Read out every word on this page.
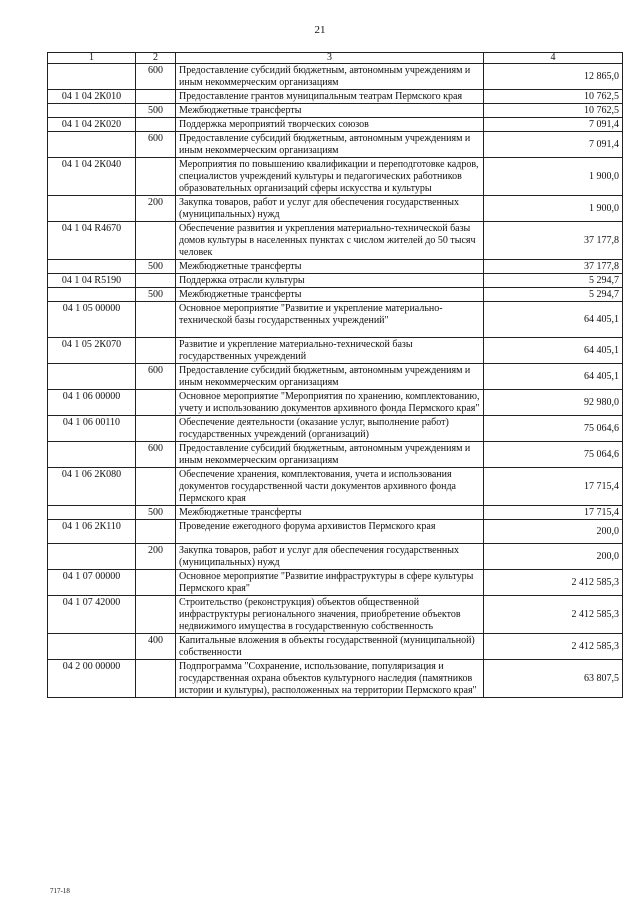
21
1	2	3	4
	600	Предоставление субсидий бюджетным, автономным учреждениям и иным некоммерческим организациям	12 865,0
04 1 04 2К010		Предоставление грантов муниципальным театрам Пермского края	10 762,5
	500	Межбюджетные трансферты	10 762,5
04 1 04 2К020		Поддержка мероприятий творческих союзов	7 091,4
	600	Предоставление субсидий бюджетным, автономным учреждениям и иным некоммерческим организациям	7 091,4
04 1 04 2К040		Мероприятия по повышению квалификации и переподготовке кадров, специалистов учреждений культуры и педагогических работников образовательных организаций сферы искусства и культуры	1 900,0
	200	Закупка товаров, работ и услуг для обеспечения государственных (муниципальных) нужд	1 900,0
04 1 04 R4670		Обеспечение развития и укрепления материально-технической базы домов культуры в населенных пунктах с числом жителей до 50 тысяч человек	37 177,8
	500	Межбюджетные трансферты	37 177,8
04 1 04 R5190		Поддержка отрасли культуры	5 294,7
	500	Межбюджетные трансферты	5 294,7
04 1 05 00000		Основное мероприятие "Развитие и укрепление материально-технической базы государственных учреждений"	64 405,1
04 1 05 2К070		Развитие и укрепление материально-технической базы государственных учреждений	64 405,1
	600	Предоставление субсидий бюджетным, автономным учреждениям и иным некоммерческим организациям	64 405,1
04 1 06 00000		Основное мероприятие "Мероприятия по хранению, комплектованию, учету и использованию документов архивного фонда Пермского края"	92 980,0
04 1 06 00110		Обеспечение деятельности (оказание услуг, выполнение работ) государственных учреждений (организаций)	75 064,6
	600	Предоставление субсидий бюджетным, автономным учреждениям и иным некоммерческим организациям	75 064,6
04 1 06 2К080		Обеспечение хранения, комплектования, учета и использования документов государственной части документов архивного фонда Пермского края	17 715,4
	500	Межбюджетные трансферты	17 715,4
04 1 06 2К110		Проведение ежегодного форума архивистов Пермского края	200,0
	200	Закупка товаров, работ и услуг для обеспечения государственных (муниципальных) нужд	200,0
04 1 07 00000		Основное мероприятие "Развитие инфраструктуры в сфере культуры Пермского края"	2 412 585,3
04 1 07 42000		Строительство (реконструкция) объектов общественной инфраструктуры регионального значения, приобретение объектов недвижимого имущества в государственную собственность	2 412 585,3
	400	Капитальные вложения в объекты государственной (муниципальной) собственности	2 412 585,3
04 2 00 00000		Подпрограмма "Сохранение, использование, популяризация и государственная охрана объектов культурного наследия (памятников истории и культуры), расположенных на территории Пермского края"	63 807,5
717-18
